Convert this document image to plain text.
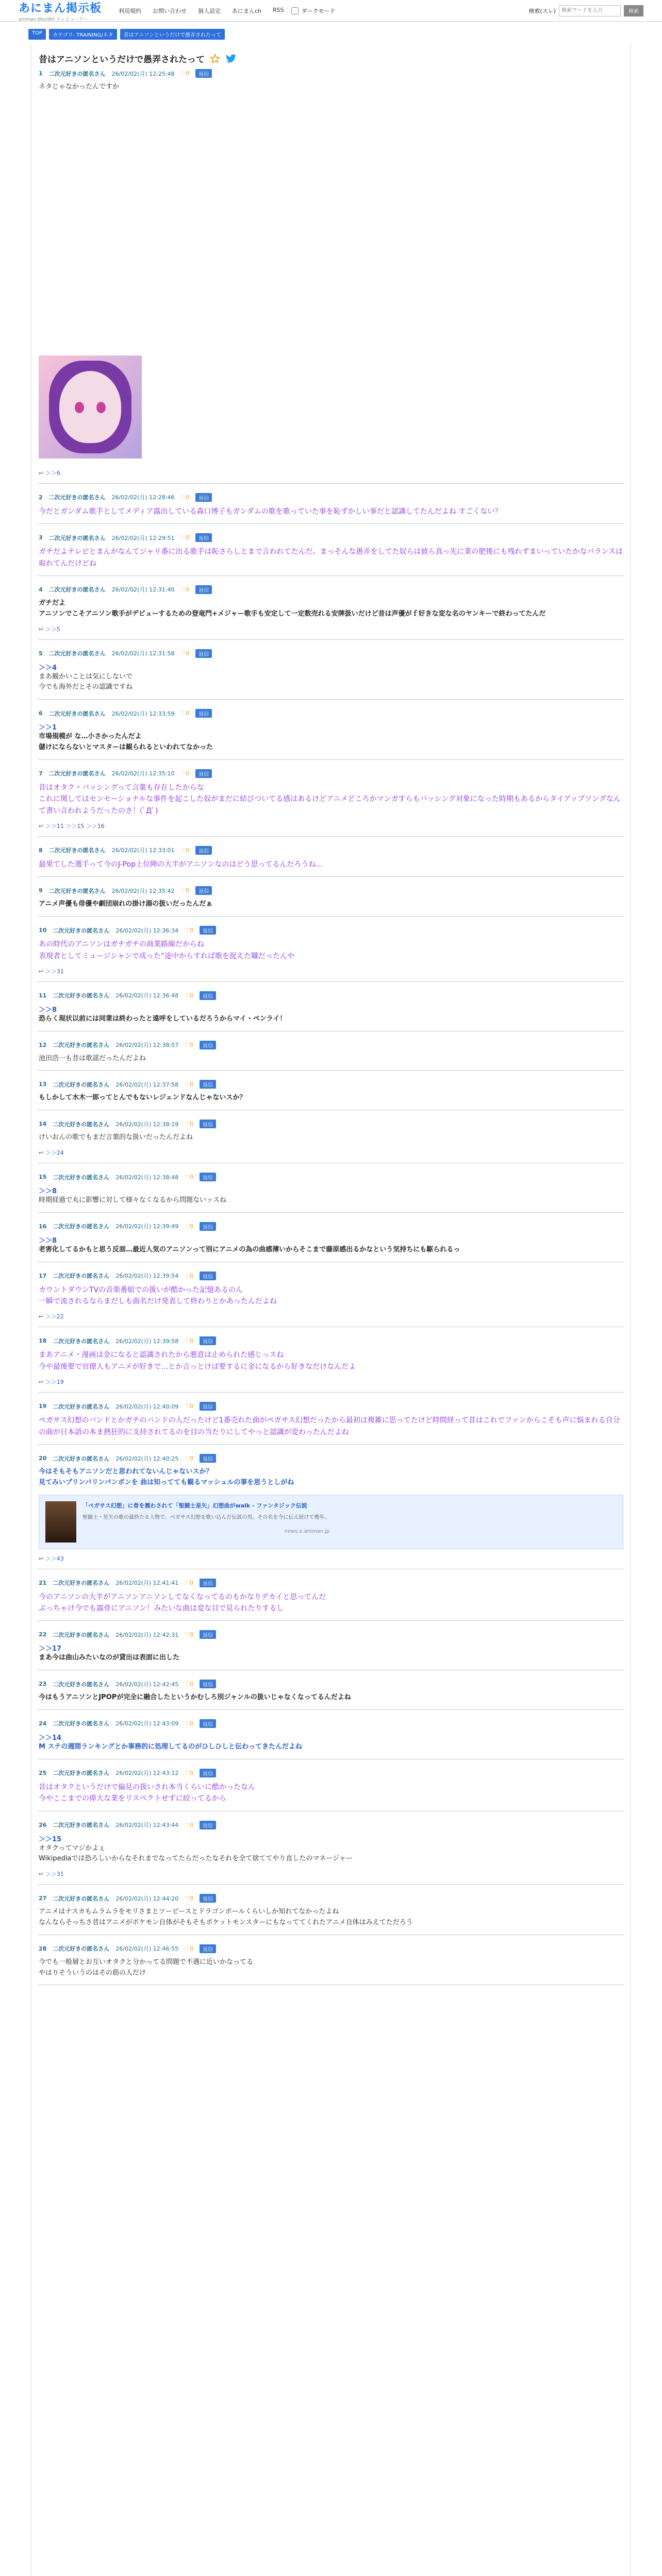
あにまん掲示板
animan bbs/dhl スレビューアー
利用規約 お問い合わせ 個人設定 あにまんch RSS	ダークモード	検索(スレ)
検索ワードを入力	検索
TOP	カテゴリ: TRAINING/ネタ	昔はアニソンというだけで愚弄されたって
昔はアニソンというだけで愚弄されたって
1 二次元好きの匿名さん 26/02/02(月) 12:25:48 ♡0	返信
ネタじゃなかったんですか
↩ ＞＞6
2 二次元好きの匿名さん 26/02/02(月) 12:28:46 ♡0	返信
今だとガンダム歌手としてメディア露出している森口博子もガンダムの歌を歌っていた事を恥ずかしい事だと認識してたんだよね すごくない？
3 二次元好きの匿名さん 26/02/02(月) 12:29:51 ♡0	返信
ガチだよテレビとまんがなんてジャリ番に出る歌手は恥さらしとまで言われてたんだ。まっそんな愚弄をしてた奴らは彼ら真っ先に業の肥後にも残れずまいっていたかなバランスは取れてんだけどね
4 二次元好きの匿名さん 26/02/02(月) 12:31:40 ♡0	返信
ガチだよ
アニソンでこそアニソン歌手がデビューするための登竜門+メジャー歌手も安定して一定数売れる安牌扱いだけど昔は声優がｆ好きな変な名のヤンキーで終わってたんだ
↩ ＞＞5
5 二次元好きの匿名さん 26/02/02(月) 12:31:58 ♡0	返信
＞＞4
まあ観かいことは気にしないで
今でも海外だとその認識ですね
6 二次元好きの匿名さん 26/02/02(月) 12:33:59 ♡0	返信
＞＞1
市場規模が な…小さかったんだよ
儲けにならないとマスターは観られるといわれてなかった
7 二次元好きの匿名さん 26/02/02(月) 12:35:10 ♡0	返信
昔はオタク・バッシングって言葉も存在したからな
これに関してはセンセーショナルな事件を起こした奴がまだに結びついてる感はあるけどアニメどころかマンガすらもバッシング対象になった時期もあるからタイアップソングなんて書い言われようだったのさ！(ﾟДﾟ)
↩ ＞＞11 ＞＞15 ＞＞16
8 二次元好きの匿名さん 26/02/02(月) 12:33:01 ♡0	返信
最果てした選手って今のJ-Pop上位陣の大半がアニソンなのはどう思ってるんだろうね…
9 二次元好きの匿名さん 26/02/02(月) 12:35:42 ♡0	返信
アニメ声優も俳優や劇団崩れの掛け湯の扱いだったんだぁ
10 二次元好きの匿名さん 26/02/02(月) 12:36:34 ♡0	返信
あの時代のアニソンはガチガチの商業路線だからね
表現者としてミュージシャンで成った”途中からすれば歌を捉えた職だったんや
↩ ＞＞31
11 二次元好きの匿名さん 26/02/02(月) 12:36:48 ♡0	返信
＞＞8
恐らく現状以前には同業は終わったと遠呼をしているだろうからマイ・ペンライ！
12 二次元好きの匿名さん 26/02/02(月) 12:38:57 ♡0	返信
池田浩一も昔は歌謡だったんだよね
13 二次元好きの匿名さん 26/02/02(月) 12:37:58 ♡0	返信
もしかして水木一郎ってとんでもないレジェンドなんじゃないスか？
14 二次元好きの匿名さん 26/02/02(月) 12:38:19 ♡0	返信
けいおんの歌でもまだ言葉的な扱いだったんだよね
↩ ＞＞24
15 二次元好きの匿名さん 26/02/02(月) 12:38:48 ♡0	返信
＞＞8
時期経過で丸に影響に対して様々なくなるから問題ないッスね
16 二次元好きの匿名さん 26/02/02(月) 12:39:49 ♡0	返信
＞＞8
老害化してるかもと思う反面…最近人気のアニソンって別にアニメの為の曲感薄いからそこまで藤原感出るかなという気持ちにも駆られるっ
17 二次元好きの匿名さん 26/02/02(月) 12:39:54 ♡0	返信
カウントダウンTVの音楽番組での扱いが酷かった記憶あるのん
一瞬で流されるならまだしも曲名だけ発表して終わりとかあったんだよね
↩ ＞＞22
18 二次元好きの匿名さん 26/02/02(月) 12:39:58 ♡0	返信
まあアニメ・漫画は金になると認識されたから悪意は止められた感じっスね
今や最後要で官僚人もアニメが好きで…とか言っとけば要するに金になるから好きなだけなんだよ
↩ ＞＞19
19 二次元好きの匿名さん 26/02/02(月) 12:40:09 ♡0	返信
ペガサス幻想のバンドとかガチのバンドの人だったけど1番売れた曲がペガサス幻想だったから最初は複雑に思ってたけど時間経って昔はこれでファンからこそも声に悩まれる自分の曲が日本語の本ま熱狂的に支持されてるのを目の当たりにしてやっと認識が変わったんだよね
20 二次元好きの匿名さん 26/02/02(月) 12:40:25 ♡0	返信
今はそもそもアニソンだと思われてないんじゃないスか？
見てみいプリンバリンパンポンを 曲は知ってても観るマッシュルの事を思うとしがね
「ペガサス幻想」に骨を震わされて「聖闘士星矢」幻想曲がwalk - ファンタジック伝説
聖闘士・星矢の歌の最終たる人物で、ペガサス幻想を歌い込んだ伝説の男。その名を今に伝え続けて幾年。
news.x.animan.jp
↩ ＞＞43
21 二次元好きの匿名さん 26/02/02(月) 12:41:41 ♡0	返信
今のアニソンの大半がアニソンアニソンしてなくなってるのもかなりデカイと思ってんだ
ぶっちゃけ今でも露骨にアニソン！みたいな曲は変な目で見られたりするし
22 二次元好きの匿名さん 26/02/02(月) 12:42:31 ♡0	返信
＞＞17
まあ今は曲山みたいなのが貸出は表面に出した
23 二次元好きの匿名さん 26/02/02(月) 12:42:45 ♡0	返信
今はもうアニソンとJPOPが完全に融合したというかむしろ別ジャンルの扱いじゃなくなってるんだよね
24 二次元好きの匿名さん 26/02/02(月) 12:43:09 ♡0	返信
＞＞14
M ステの週間ランキングとか事務的に処理してるのがひしひしと伝わってきたんだよね
25 二次元好きの匿名さん 26/02/02(月) 12:43:12 ♡0	返信
昔はオタクというだけで偏見の扱いされ本当くらいに酷かったなん
今やここまでの偉大な業をリスペクトせずに絞ってるから
26 二次元好きの匿名さん 26/02/02(月) 12:43:44 ♡0	返信
＞＞15
オタクってマジかよぇ
Wikipediaでは恐ろしいからなそれまでなってたらだったなそれを全て捨ててやり直したのマネージャー
↩ ＞＞31
27 二次元好きの匿名さん 26/02/02(月) 12:44:20 ♡0	返信
アニメはナスカもムラムラをモリさまとツーピースとドラゴンボールくらいしか知れてなかったよね
なんならそっちさ昔はアニメがポケモン自体がそもそもポケットモンスターにもなっててくれたアニメ自体はみえてただろう
28 二次元好きの匿名さん 26/02/02(月) 12:46:55 ♡0	返信
今でも一般層とお互いオタクと分かってる問題で不遇に近いかなってる
やはりそういうのはその筋の人だけ
